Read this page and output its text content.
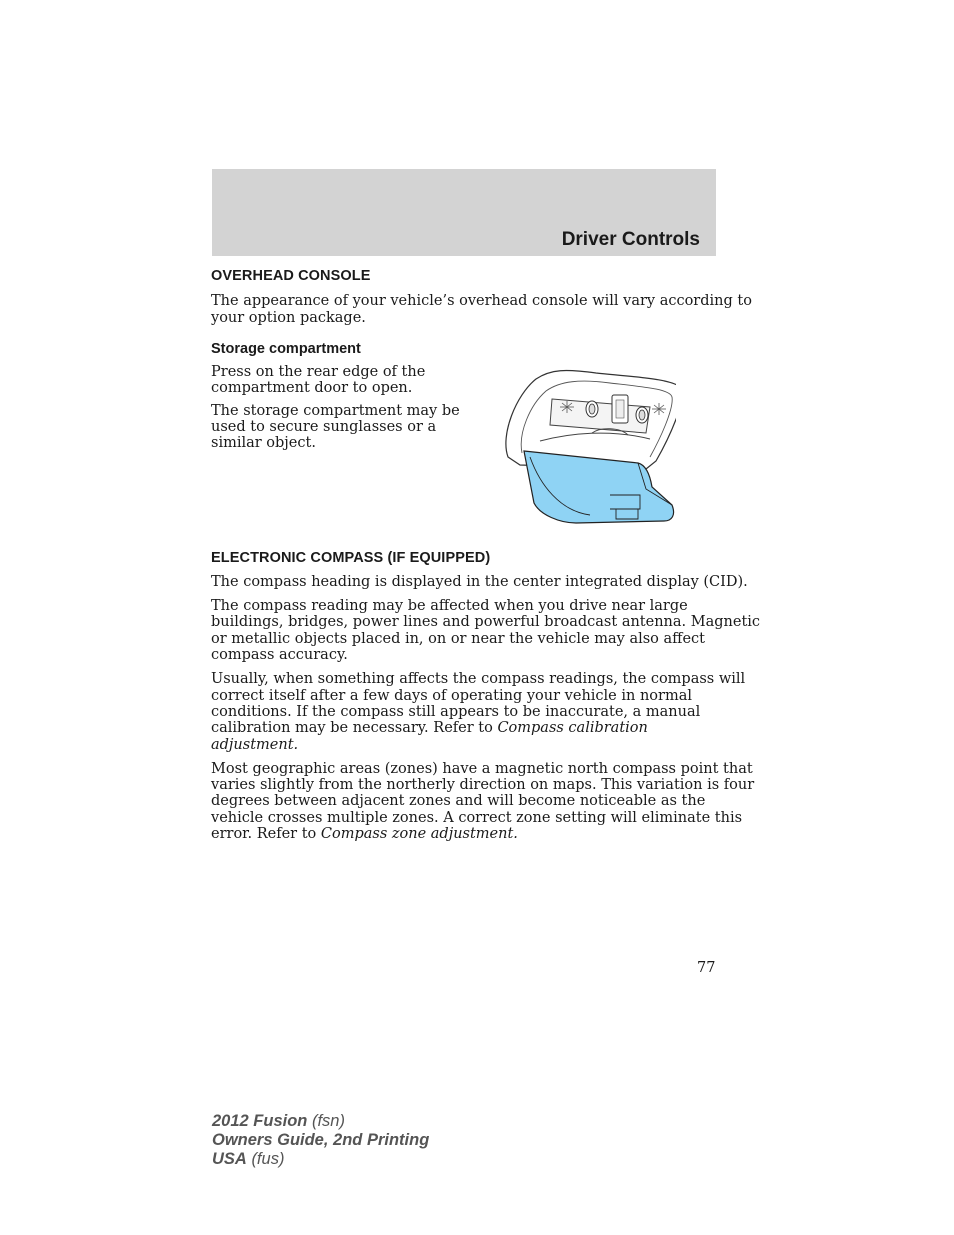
Driver Controls
OVERHEAD CONSOLE

The appearance of your vehicle’s overhead console will vary according to

your option package.

Storage compartment

Press on the rear edge of the

compartment door to open.

The storage compartment may be

used to secure sunglasses or a

similar object.

ELECTRONIC COMPASS (IF EQUIPPED)

The compass heading is displayed in the center integrated display (CID).

The compass reading may be affected when you drive near large

buildings, bridges, power lines and powerful broadcast antenna. Magnetic

or metallic objects placed in, on or near the vehicle may also affect

compass accuracy.

Usually, when something affects the compass readings, the compass will

correct itself after a few days of operating your vehicle in normal

conditions. If the compass still appears to be inaccurate, a manual

calibration may be necessary. Refer to Compass calibration

adjustment.

Most geographic areas (zones) have a magnetic north compass point that

varies slightly from the northerly direction on maps. This variation is four

degrees between adjacent zones and will become noticeable as the

vehicle crosses multiple zones. A correct zone setting will eliminate this

error. Refer to Compass zone adjustment.

77
2012 Fusion (fsn)
Owners Guide, 2nd Printing
USA (fus)
